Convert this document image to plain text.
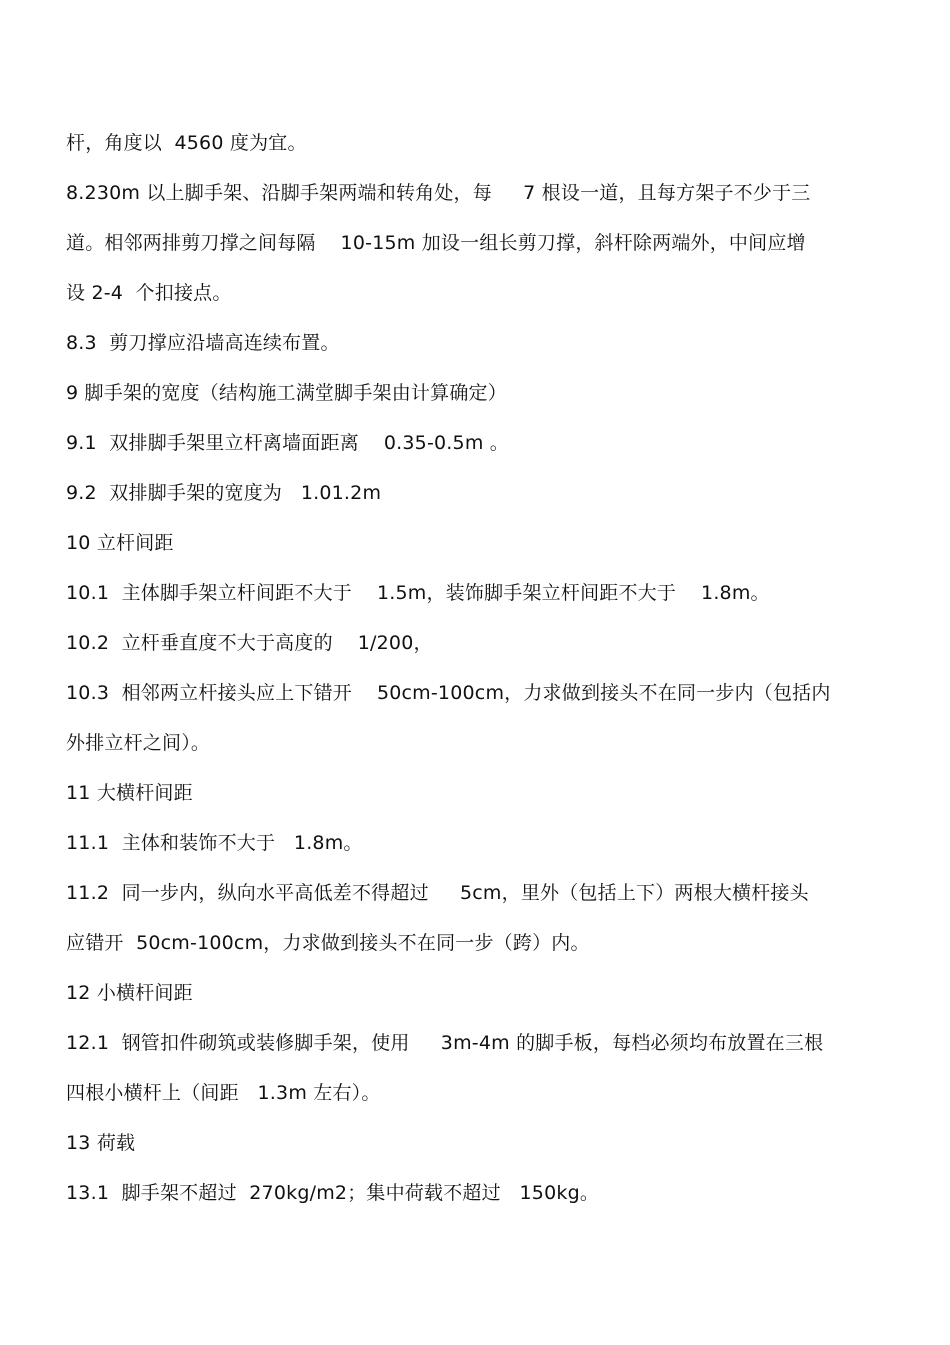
杆，角度以  4560 度为宜。
8.230m 以上脚手架、沿脚手架两端和转角处，每     7 根设一道，且每方架子不少于三
道。相邻两排剪刀撑之间每隔    10-15m 加设一组长剪刀撑，斜杆除两端外，中间应增
设 2-4  个扣接点。
8.3  剪刀撑应沿墙高连续布置。
9 脚手架的宽度（结构施工满堂脚手架由计算确定）
9.1  双排脚手架里立杆离墙面距离    0.35-0.5m 。
9.2  双排脚手架的宽度为   1.01.2m
10 立杆间距
10.1  主体脚手架立杆间距不大于    1.5m，装饰脚手架立杆间距不大于    1.8m。
10.2  立杆垂直度不大于高度的    1/200，
10.3  相邻两立杆接头应上下错开    50cm-100cm，力求做到接头不在同一步内（包括内
外排立杆之间）。
11 大横杆间距
11.1  主体和装饰不大于   1.8m。
11.2  同一步内，纵向水平高低差不得超过     5cm，里外（包括上下）两根大横杆接头
应错开  50cm-100cm，力求做到接头不在同一步（跨）内。
12 小横杆间距
12.1  钢管扣件砌筑或装修脚手架，使用     3m-4m 的脚手板，每档必须均布放置在三根
四根小横杆上（间距   1.3m 左右）。
13 荷载
13.1  脚手架不超过  270kg/m2；集中荷载不超过   150kg。
